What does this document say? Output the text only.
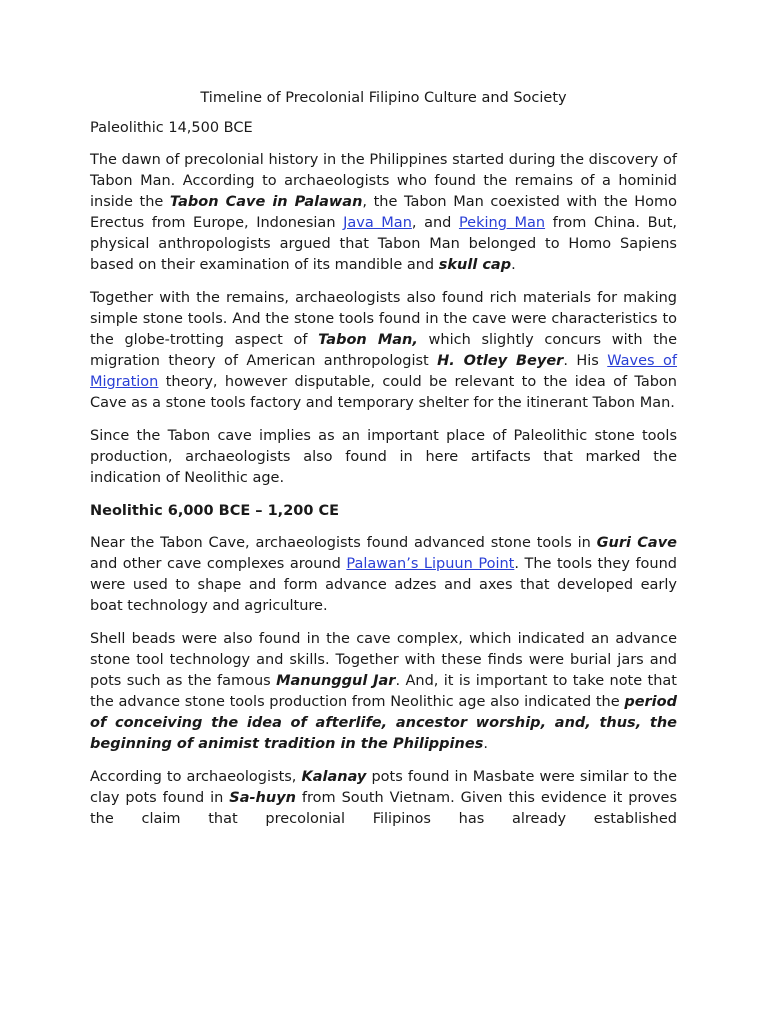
Timeline of Precolonial Filipino Culture and Society
Paleolithic 14,500 BCE

The dawn of precolonial history in the Philippines started during the discovery of Tabon Man. According to archaeologists who found the remains of a hominid inside the Tabon Cave in Palawan, the Tabon Man coexisted with the Homo Erectus from Europe, Indonesian Java Man, and Peking Man from China. But, physical anthropologists argued that Tabon Man belonged to Homo Sapiens based on their examination of its mandible and skull cap.

Together with the remains, archaeologists also found rich materials for making simple stone tools. And the stone tools found in the cave were characteristics to the globe-trotting aspect of Tabon Man, which slightly concurs with the migration theory of American anthropologist H. Otley Beyer. His Waves of Migration theory, however disputable, could be relevant to the idea of Tabon Cave as a stone tools factory and temporary shelter for the itinerant Tabon Man.

Since the Tabon cave implies as an important place of Paleolithic stone tools production, archaeologists also found in here artifacts that marked the indication of Neolithic age.

Neolithic 6,000 BCE – 1,200 CE

Near the Tabon Cave, archaeologists found advanced stone tools in Guri Cave and other cave complexes around Palawan’s Lipuun Point. The tools they found were used to shape and form advance adzes and axes that developed early boat technology and agriculture.

Shell beads were also found in the cave complex, which indicated an advance stone tool technology and skills. Together with these finds were burial jars and pots such as the famous Manunggul Jar. And, it is important to take note that the advance stone tools production from Neolithic age also indicated the period of conceiving the idea of afterlife, ancestor worship, and, thus, the beginning of animist tradition in the Philippines.

According to archaeologists, Kalanay pots found in Masbate were similar to the clay pots found in Sa-huyn from South Vietnam. Given this evidence it proves the claim that precolonial Filipinos has already established
